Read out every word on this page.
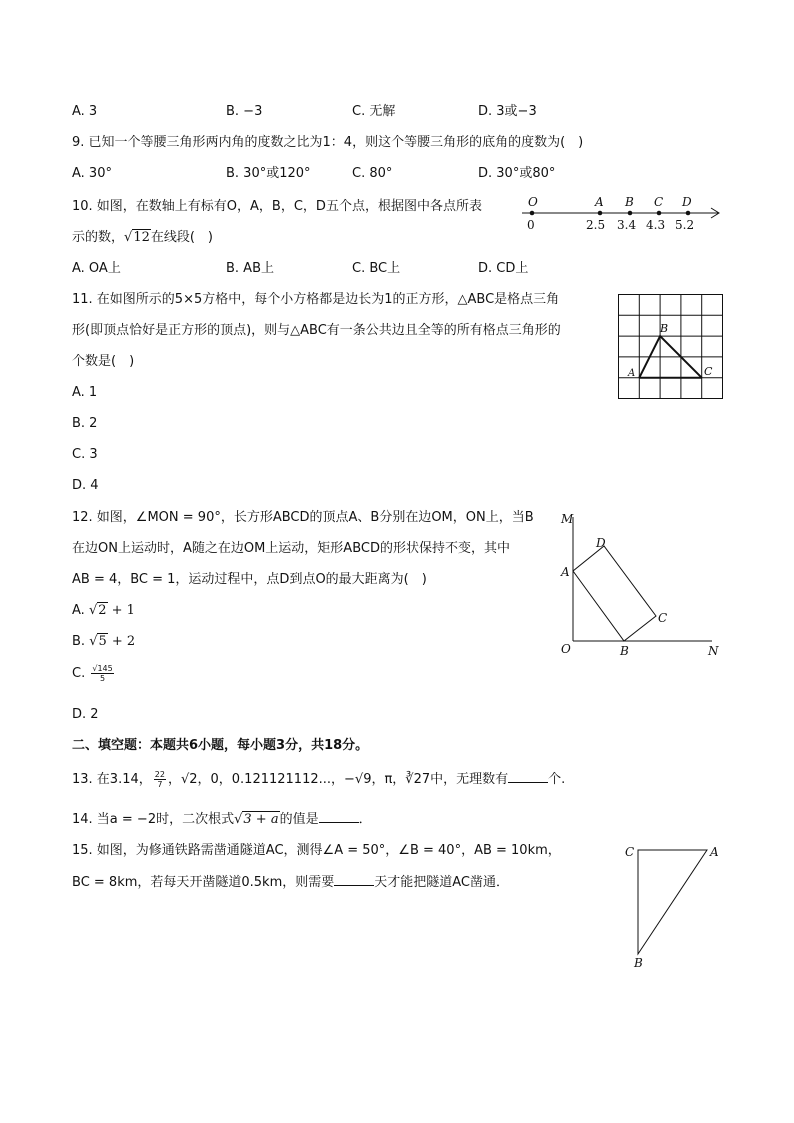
A. 3	B. −3	C. 无解	D. 3或−3
9. 已知一个等腰三角形两内角的度数之比为1：4，则这个等腰三角形的底角的度数为(　)
A. 30°	B. 30°或120°	C. 80°	D. 30°或80°
10. 如图，在数轴上有标有O，A，B，C，D五个点，根据图中各点所表
示的数，√12在线段(　)
A. OA上	B. AB上	C. BC上	D. CD上
O	A B C D
0	2.5 3.4 4.3 5.2
11. 在如图所示的5×5方格中，每个小方格都是边长为1的正方形，△ABC是格点三角
形(即顶点恰好是正方形的顶点)，则与△ABC有一条公共边且全等的所有格点三角形的
个数是(　)
A. 1
B. 2
C. 3
D. 4
A
B
C
12. 如图，∠MON = 90°，长方形ABCD的顶点A、B分别在边OM，ON上，当B
在边ON上运动时，A随之在边OM上运动，矩形ABCD的形状保持不变，其中
AB = 4，BC = 1，运动过程中，点D到点O的最大距离为(　)
A. √2 + 1
B. √5 + 2
C. $\frac{√145}{5}$
D. 2
M
D
A
C
O	B	N
二、填空题：本题共6小题，每小题3分，共18分。
13. 在3.14， $\frac{22}{7}$ ，√2，0，0.121121112...，−√9，π，∛27中，无理数有	个.
14. 当a = −2时，二次根式√3 + a的值是	．
15. 如图，为修通铁路需凿通隧道AC，测得∠A = 50°，∠B = 40°，AB = 10km，
BC = 8km，若每天开凿隧道0.5km，则需要	天才能把隧道AC凿通．
C	A
B
